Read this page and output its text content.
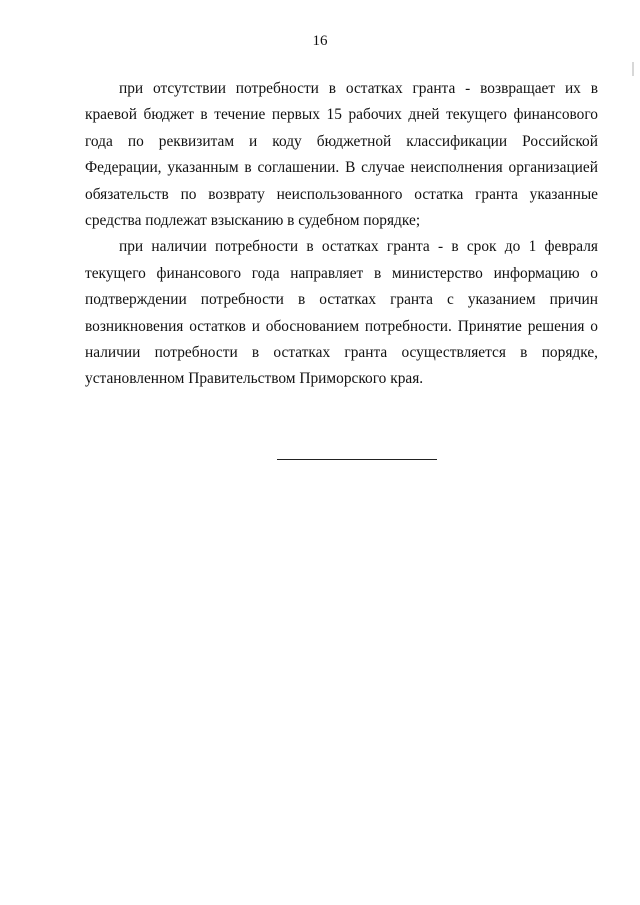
16

при отсутствии потребности в остатках гранта - возвращает их в краевой бюджет в течение первых 15 рабочих дней текущего финансового года по реквизитам и коду бюджетной классификации Российской Федерации, указанным в соглашении. В случае неисполнения организацией обязательств по возврату неиспользованного остатка гранта указанные средства подлежат взысканию в судебном порядке;

при наличии потребности в остатках гранта - в срок до 1 февраля текущего финансового года направляет в министерство информацию о подтверждении потребности в остатках гранта с указанием причин возникновения остатков и обоснованием потребности. Принятие решения о наличии потребности в остатках гранта осуществляется в порядке, установленном Правительством Приморского края.
